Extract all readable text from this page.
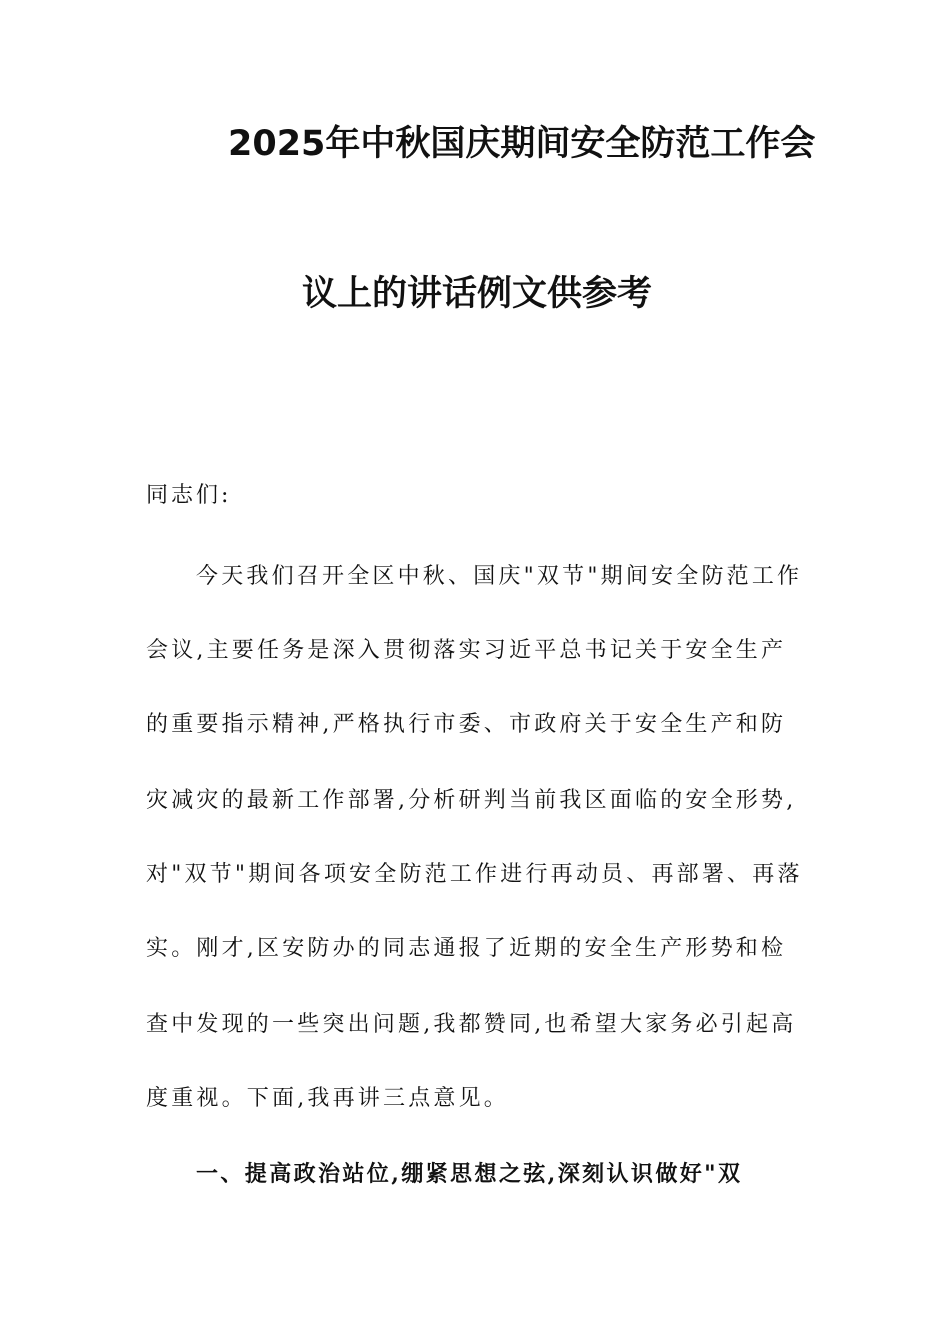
2025年中秋国庆期间安全防范工作会
议上的讲话例文供参考
同志们:
今天我们召开全区中秋、国庆"双节"期间安全防范工作
会议,主要任务是深入贯彻落实习近平总书记关于安全生产
的重要指示精神,严格执行市委、市政府关于安全生产和防
灾减灾的最新工作部署,分析研判当前我区面临的安全形势,
对"双节"期间各项安全防范工作进行再动员、再部署、再落
实。刚才,区安防办的同志通报了近期的安全生产形势和检
查中发现的一些突出问题,我都赞同,也希望大家务必引起高
度重视。下面,我再讲三点意见。
一、提高政治站位,绷紧思想之弦,深刻认识做好"双
